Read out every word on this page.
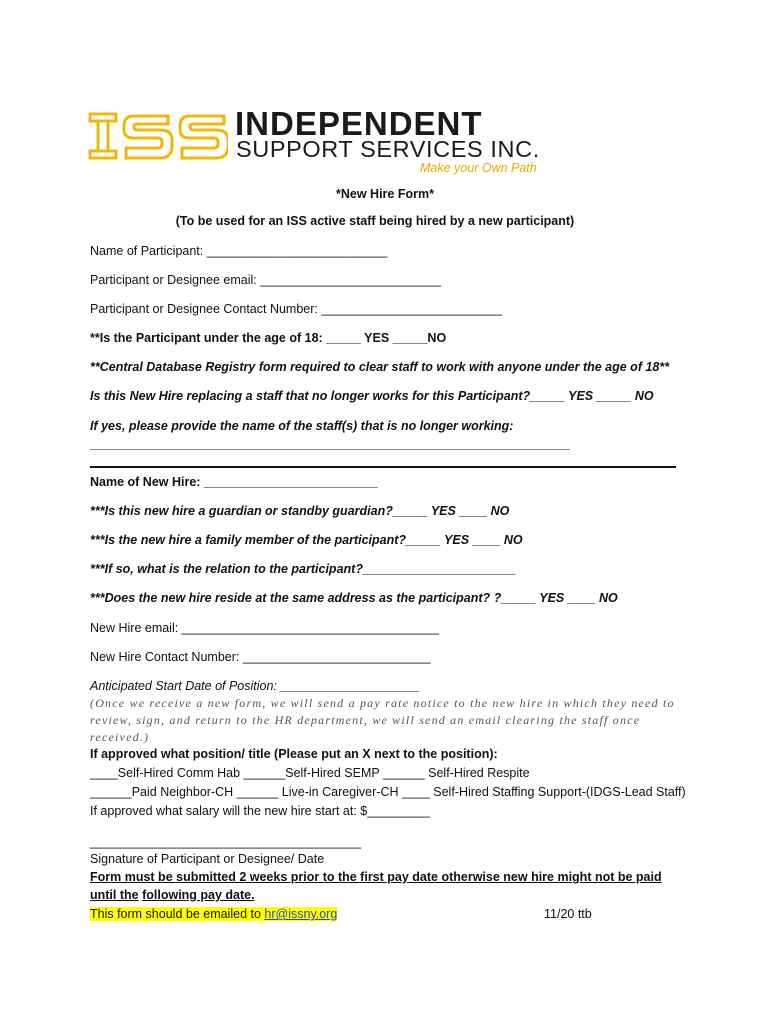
INDEPENDENT
SUPPORT SERVICES INC.
Make your Own Path
*New Hire Form*
(To be used for an ISS active staff being hired by a new participant)
Name of Participant: __________________________
Participant or Designee email: __________________________
Participant or Designee Contact Number: __________________________
**Is the Participant under the age of 18: _____ YES _____NO
**Central Database Registry form required to clear staff to work with anyone under the age of 18**
Is this New Hire replacing a staff that no longer works for this Participant?_____ YES _____ NO
If yes, please provide the name of the staff(s) that is no longer working:
_____________________________________________________________________
Name of New Hire: _________________________
***Is this new hire a guardian or standby guardian?_____ YES ____ NO
***Is the new hire a family member of the participant?_____ YES ____ NO
***If so, what is the relation to the participant?______________________
***Does the new hire reside at the same address as the participant? ?_____ YES ____ NO
New Hire email: _____________________________________
New Hire Contact Number: ___________________________
Anticipated Start Date of Position: ____________________
(Once we receive a new form, we will send a pay rate notice to the new hire in which they need to
review, sign, and return to the HR department, we will send an email clearing the staff once
received.)
If approved what position/ title (Please put an X next to the position):
____Self-Hired Comm Hab ______Self-Hired SEMP ______ Self-Hired Respite
______Paid Neighbor-CH ______ Live-in Caregiver-CH ____ Self-Hired Staffing Support-(IDGS-Lead Staff)
If approved what salary will the new hire start at: $_________
_______________________________________
Signature of Participant or Designee/ Date
Form must be submitted 2 weeks prior to the first pay date otherwise new hire might not be paid
until the following pay date.
This form should be emailed to hr@issny.org	11/20 ttb
